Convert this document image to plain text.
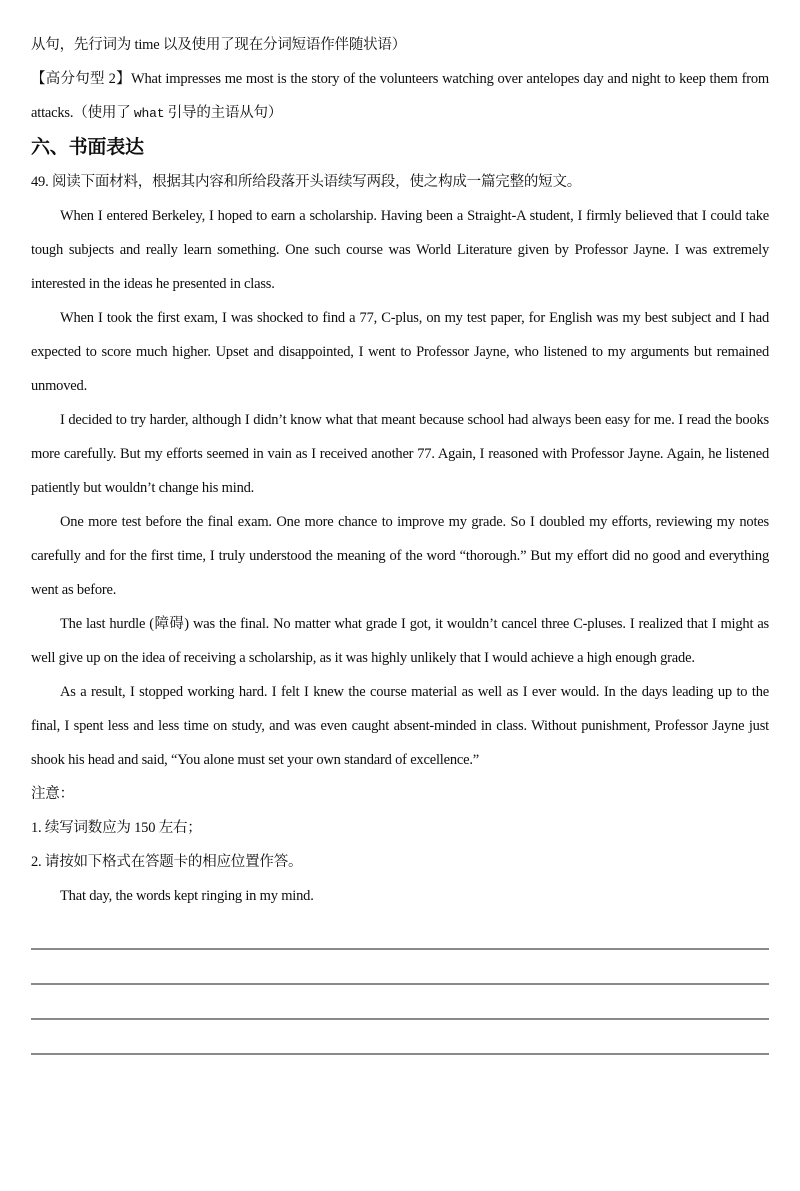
从句，先行词为 time 以及使用了现在分词短语作伴随状语）

【高分句型 2】What impresses me most is the story of the volunteers watching over antelopes day and night to keep them from attacks.（使用了 what 引导的主语从句）

六、书面表达

49. 阅读下面材料，根据其内容和所给段落开头语续写两段，使之构成一篇完整的短文。

When I entered Berkeley, I hoped to earn a scholarship. Having been a Straight-A student, I firmly believed that I could take tough subjects and really learn something. One such course was World Literature given by Professor Jayne. I was extremely interested in the ideas he presented in class.

When I took the first exam, I was shocked to find a 77, C-plus, on my test paper, for English was my best subject and I had expected to score much higher. Upset and disappointed, I went to Professor Jayne, who listened to my arguments but remained unmoved.

I decided to try harder, although I didn’t know what that meant because school had always been easy for me. I read the books more carefully. But my efforts seemed in vain as I received another 77. Again, I reasoned with Professor Jayne. Again, he listened patiently but wouldn’t change his mind.

One more test before the final exam. One more chance to improve my grade. So I doubled my efforts, reviewing my notes carefully and for the first time, I truly understood the meaning of the word “thorough.” But my effort did no good and everything went as before.

The last hurdle (障碍) was the final. No matter what grade I got, it wouldn’t cancel three C-pluses. I realized that I might as well give up on the idea of receiving a scholarship, as it was highly unlikely that I would achieve a high enough grade.

As a result, I stopped working hard. I felt I knew the course material as well as I ever would. In the days leading up to the final, I spent less and less time on study, and was even caught absent-minded in class. Without punishment, Professor Jayne just shook his head and said, “You alone must set your own standard of excellence.”

注意：

1. 续写词数应为 150 左右；

2. 请按如下格式在答题卡的相应位置作答。

That day, the words kept ringing in my mind.
